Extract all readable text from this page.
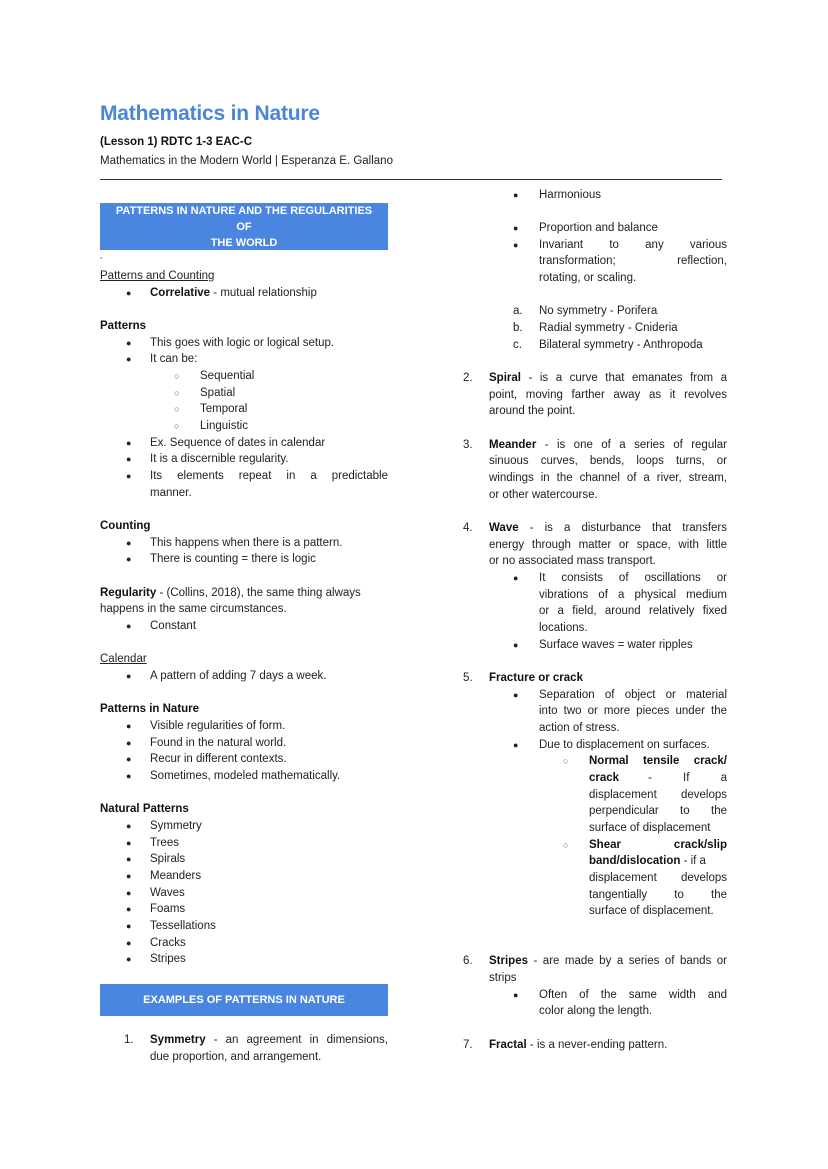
Mathematics in Nature
(Lesson 1) RDTC 1-3 EAC-C
Mathematics in the Modern World | Esperanza E. Gallano
PATTERNS IN NATURE AND THE REGULARITIES OF
THE WORLD
,
Patterns and Counting
● Correlative - mutual relationship
Patterns
● This goes with logic or logical setup.
● It can be:
○ Sequential
○ Spatial
○ Temporal
○ Linguistic
● Ex. Sequence of dates in calendar
● It is a discernible regularity.
● Its elements repeat in a predictable
manner.
Counting
● This happens when there is a pattern.
● There is counting = there is logic
Regularity - (Collins, 2018), the same thing always
happens in the same circumstances.
● Constant
Calendar
● A pattern of adding 7 days a week.
Patterns in Nature
● Visible regularities of form.
● Found in the natural world.
● Recur in different contexts.
● Sometimes, modeled mathematically.
Natural Patterns
● Symmetry
● Trees
● Spirals
● Meanders
● Waves
● Foams
● Tessellations
● Cracks
● Stripes
EXAMPLES OF PATTERNS IN NATURE
1. Symmetry - an agreement in dimensions,
due proportion, and arrangement.
● Harmonious
● Proportion and balance
● Invariant to any various
transformation; reflection,
rotating, or scaling.
a. No symmetry - Porifera
b. Radial symmetry - Cnideria
c. Bilateral symmetry - Anthropoda
2. Spiral - is a curve that emanates from a
point, moving farther away as it revolves
around the point.
3. Meander - is one of a series of regular
sinuous curves, bends, loops turns, or
windings in the channel of a river, stream,
or other watercourse.
4. Wave - is a disturbance that transfers
energy through matter or space, with little
or no associated mass transport.
● It consists of oscillations or
vibrations of a physical medium
or a field, around relatively fixed
locations.
● Surface waves = water ripples
5. Fracture or crack
● Separation of object or material
into two or more pieces under the
action of stress.
● Due to displacement on surfaces.
○ Normal tensile crack/
crack	- If a
displacement develops
perpendicular to the
surface of displacement
○ Shear crack/slip
band/dislocation - if a
displacement develops
tangentially to the
surface of displacement.
6. Stripes - are made by a series of bands or
strips
● Often of the same width and
color along the length.
7. Fractal - is a never-ending pattern.
